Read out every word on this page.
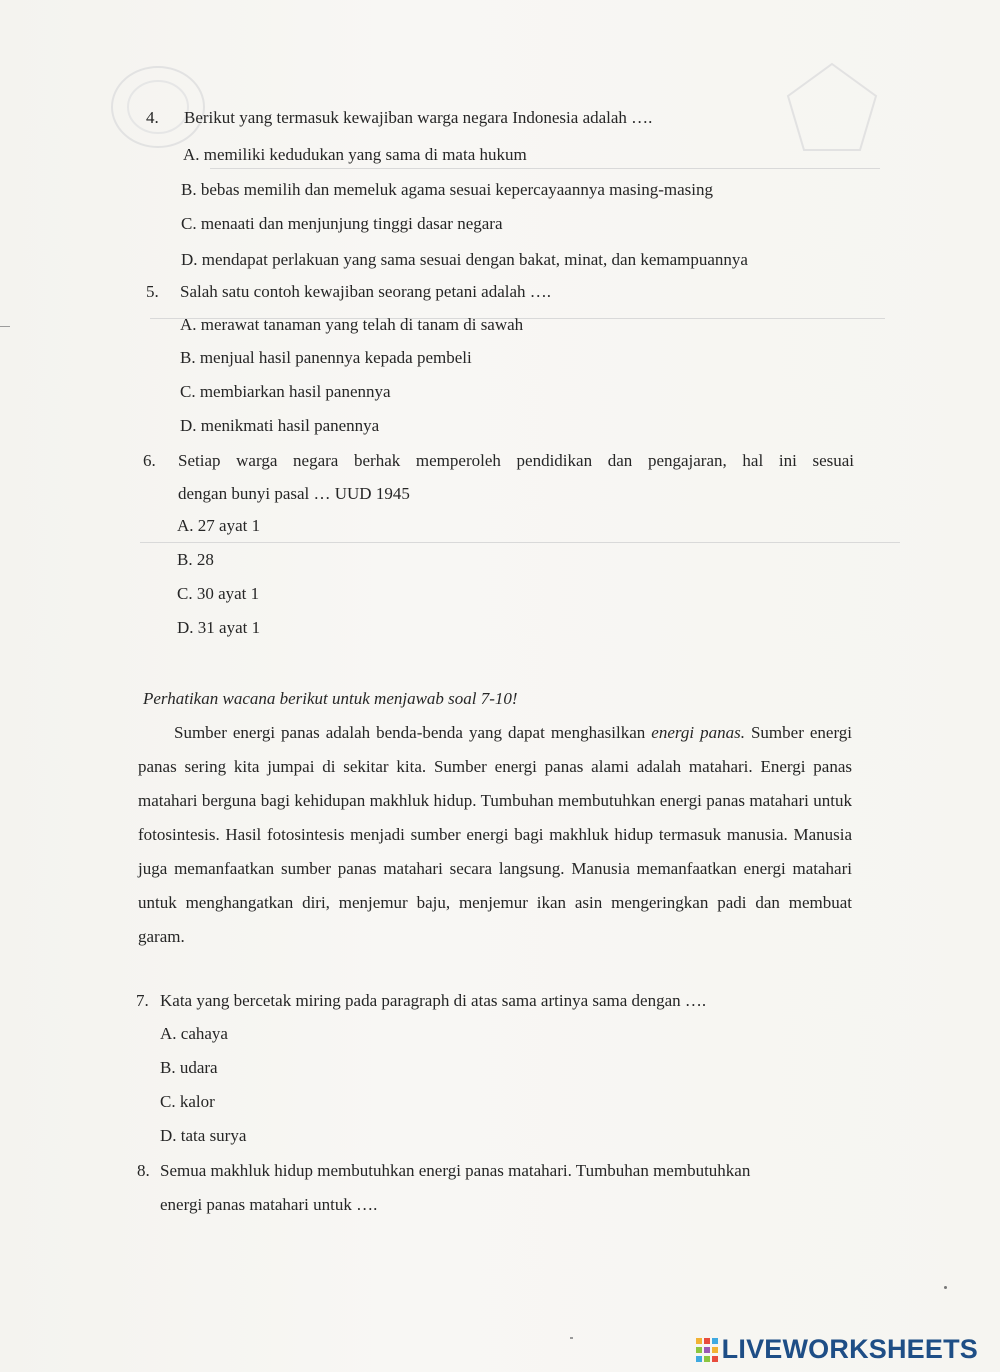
4. Berikut yang termasuk kewajiban warga negara Indonesia adalah ….
A. memiliki kedudukan yang sama di mata hukum
B. bebas memilih dan memeluk agama sesuai kepercayaannya masing-masing
C. menaati dan menjunjung tinggi dasar negara
D. mendapat perlakuan yang sama sesuai dengan bakat, minat, dan kemampuannya
5. Salah satu contoh kewajiban seorang petani adalah ….
A. merawat tanaman yang telah di tanam di sawah
B. menjual hasil panennya kepada pembeli
C. membiarkan hasil panennya
D. menikmati hasil panennya
6. Setiap warga negara berhak memperoleh pendidikan dan pengajaran, hal ini sesuai
dengan bunyi pasal … UUD 1945
A. 27 ayat 1
B. 28
C. 30 ayat 1
D. 31 ayat 1
Perhatikan wacana berikut untuk menjawab soal 7-10!
Sumber energi panas adalah benda-benda yang dapat menghasilkan energi panas. Sumber energi panas sering kita jumpai di sekitar kita. Sumber energi panas alami adalah matahari. Energi panas matahari berguna bagi kehidupan makhluk hidup. Tumbuhan membutuhkan energi panas matahari untuk fotosintesis. Hasil fotosintesis menjadi sumber energi bagi makhluk hidup termasuk manusia. Manusia juga memanfaatkan sumber panas matahari secara langsung. Manusia memanfaatkan energi matahari untuk menghangatkan diri, menjemur baju, menjemur ikan asin mengeringkan padi dan membuat garam.
7. Kata yang bercetak miring pada paragraph di atas sama artinya sama dengan ….
A. cahaya
B. udara
C. kalor
D. tata surya
8. Semua makhluk hidup membutuhkan energi panas matahari. Tumbuhan membutuhkan
energi panas matahari untuk ….
LIVEWORKSHEETS
